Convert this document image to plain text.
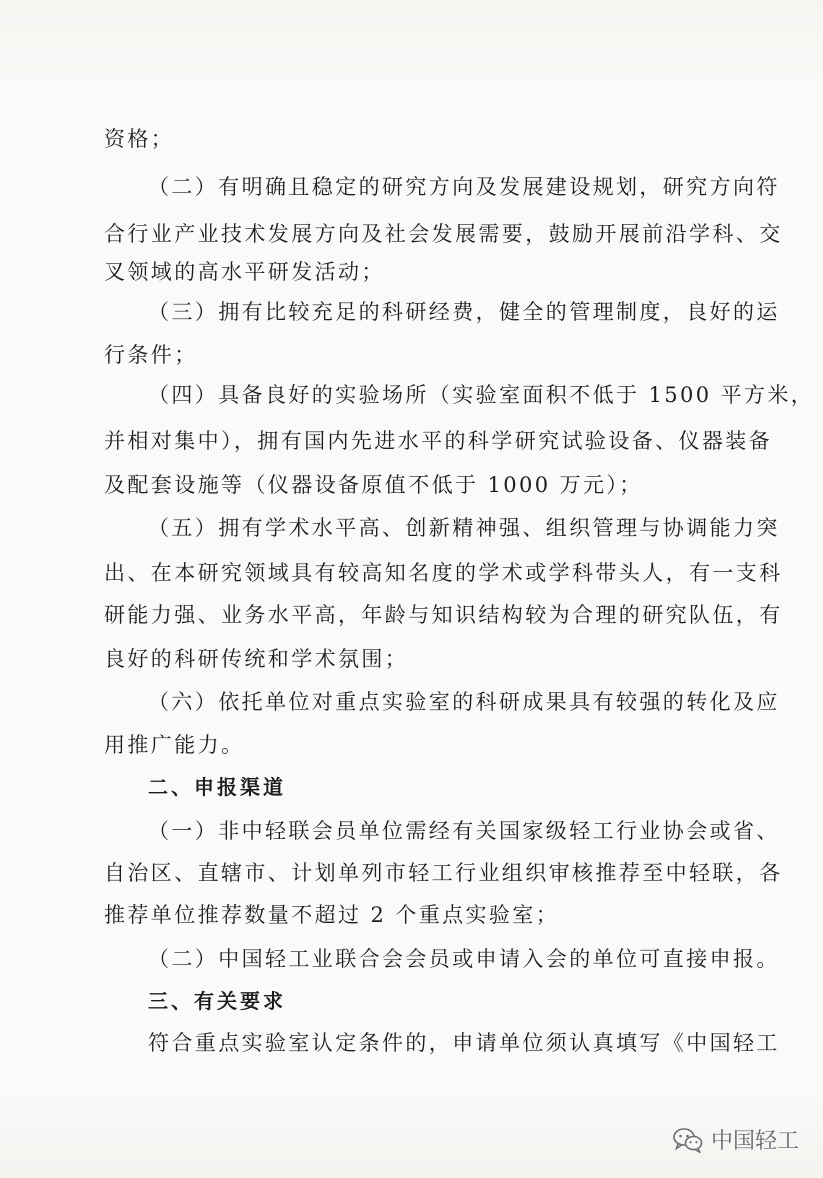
资格；
（二）有明确且稳定的研究方向及发展建设规划，研究方向符
合行业产业技术发展方向及社会发展需要，鼓励开展前沿学科、交
叉领域的高水平研发活动；
（三）拥有比较充足的科研经费，健全的管理制度，良好的运
行条件；
（四）具备良好的实验场所（实验室面积不低于 1500 平方米，
并相对集中），拥有国内先进水平的科学研究试验设备、仪器装备
及配套设施等（仪器设备原值不低于 1000 万元）；
（五）拥有学术水平高、创新精神强、组织管理与协调能力突
出、在本研究领域具有较高知名度的学术或学科带头人，有一支科
研能力强、业务水平高，年龄与知识结构较为合理的研究队伍，有
良好的科研传统和学术氛围；
（六）依托单位对重点实验室的科研成果具有较强的转化及应
用推广能力。
二、申报渠道
（一）非中轻联会员单位需经有关国家级轻工行业协会或省、
自治区、直辖市、计划单列市轻工行业组织审核推荐至中轻联，各
推荐单位推荐数量不超过 2 个重点实验室；
（二）中国轻工业联合会会员或申请入会的单位可直接申报。
三、有关要求
符合重点实验室认定条件的，申请单位须认真填写《中国轻工
中国轻工
